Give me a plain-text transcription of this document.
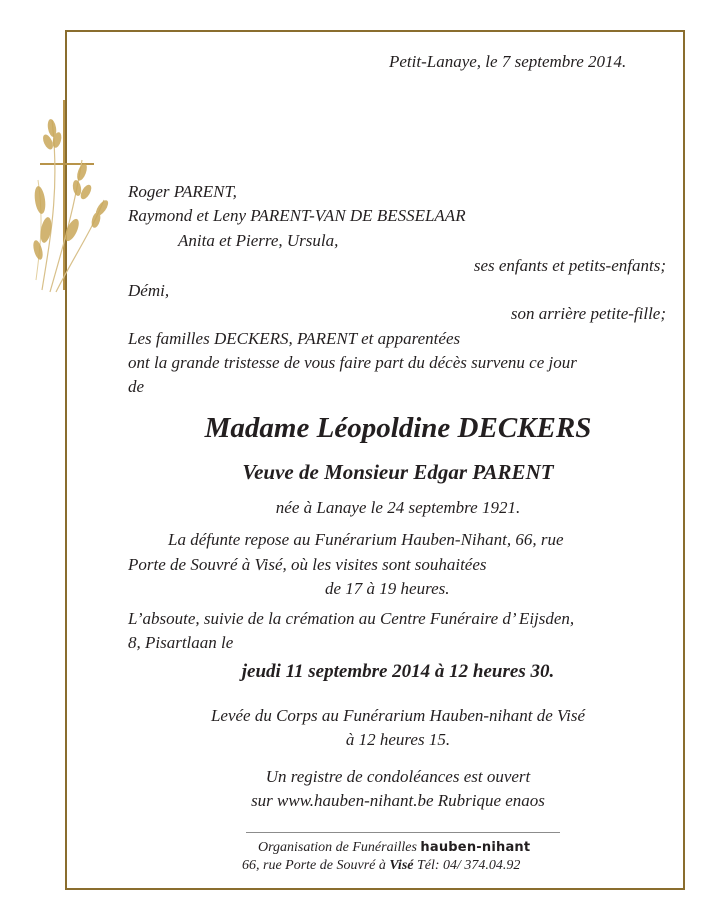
Petit-Lanaye, le 7 septembre 2014.
Roger PARENT,
Raymond et Leny PARENT-VAN DE BESSELAAR
Anita et Pierre, Ursula,
ses enfants et petits-enfants;
Démi,
son arrière petite-fille;
Les familles DECKERS, PARENT et apparentées
ont la grande tristesse de vous faire part du décès survenu ce jour
de
Madame Léopoldine DECKERS
Veuve de Monsieur Edgar PARENT
née à Lanaye le 24 septembre 1921.
La défunte repose au Funérarium Hauben-Nihant, 66, rue
Porte de Souvré à Visé, où les visites sont souhaitées
de 17 à 19 heures.
L’absoute, suivie de la crémation au Centre Funéraire d’ Eijsden,
8, Pisartlaan le
jeudi 11 septembre 2014 à 12 heures 30.
Levée du Corps au Funérarium Hauben-nihant de Visé
à 12 heures 15.
Un registre de condoléances est ouvert
sur www.hauben-nihant.be Rubrique enaos
Organisation de Funérailles hauben-nihant
66, rue Porte de Souvré à Visé Tél: 04/ 374.04.92
